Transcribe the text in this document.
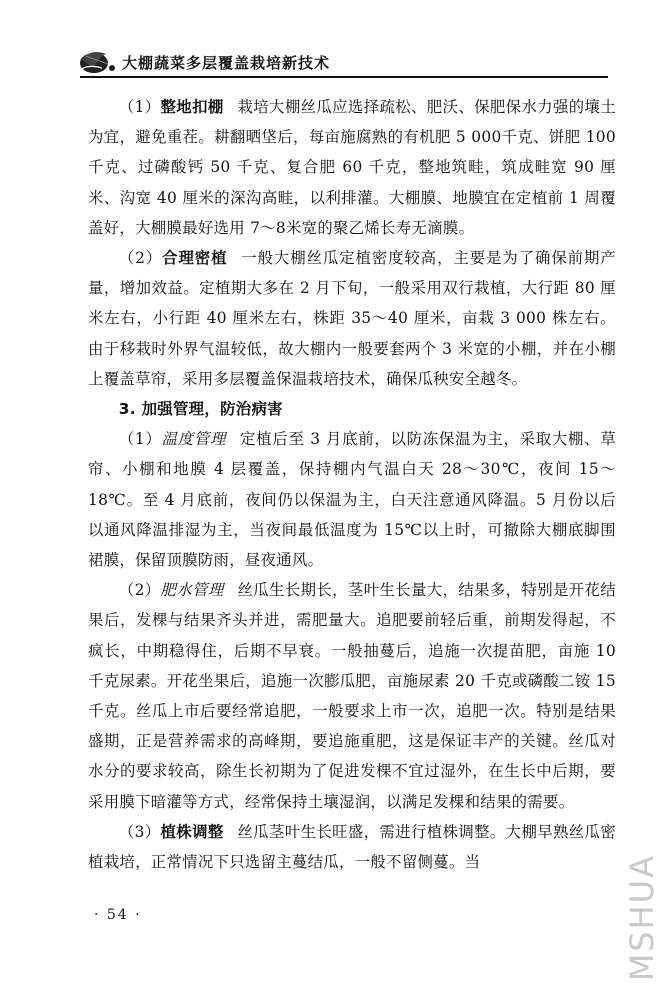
大棚蔬菜多层覆盖栽培新技术

（1）整地扣棚 栽培大棚丝瓜应选择疏松、肥沃、保肥保水力强的壤土为宜，避免重茬。耕翻晒垡后，每亩施腐熟的有机肥 5 000千克、饼肥 100 千克、过磷酸钙 50 千克、复合肥 60 千克，整地筑畦，筑成畦宽 90 厘米、沟宽 40 厘米的深沟高畦，以利排灌。大棚膜、地膜宜在定植前 1 周覆盖好，大棚膜最好选用 7～8米宽的聚乙烯长寿无滴膜。

（2）合理密植 一般大棚丝瓜定植密度较高，主要是为了确保前期产量，增加效益。定植期大多在 2 月下旬，一般采用双行栽植，大行距 80 厘米左右，小行距 40 厘米左右，株距 35～40 厘米，亩栽 3 000 株左右。由于移栽时外界气温较低，故大棚内一般要套两个 3 米宽的小棚，并在小棚上覆盖草帘，采用多层覆盖保温栽培技术，确保瓜秧安全越冬。

3. 加强管理，防治病害

（1）温度管理 定植后至 3 月底前，以防冻保温为主，采取大棚、草帘、小棚和地膜 4 层覆盖，保持棚内气温白天 28～30℃，夜间 15～18℃。至 4 月底前，夜间仍以保温为主，白天注意通风降温。5 月份以后以通风降温排湿为主，当夜间最低温度为 15℃以上时，可撤除大棚底脚围裙膜，保留顶膜防雨，昼夜通风。

（2）肥水管理 丝瓜生长期长，茎叶生长量大，结果多，特别是开花结果后，发棵与结果齐头并进，需肥量大。追肥要前轻后重，前期发得起，不疯长，中期稳得住，后期不早衰。一般抽蔓后，追施一次提苗肥，亩施 10 千克尿素。开花坐果后，追施一次膨瓜肥，亩施尿素 20 千克或磷酸二铵 15 千克。丝瓜上市后要经常追肥，一般要求上市一次，追肥一次。特别是结果盛期，正是营养需求的高峰期，要追施重肥，这是保证丰产的关键。丝瓜对水分的要求较高，除生长初期为了促进发棵不宜过湿外，在生长中后期，要采用膜下暗灌等方式，经常保持土壤湿润，以满足发棵和结果的需要。

（3）植株调整 丝瓜茎叶生长旺盛，需进行植株调整。大棚早熟丝瓜密植栽培，正常情况下只选留主蔓结瓜，一般不留侧蔓。当

· 54 ·	MSHUA
